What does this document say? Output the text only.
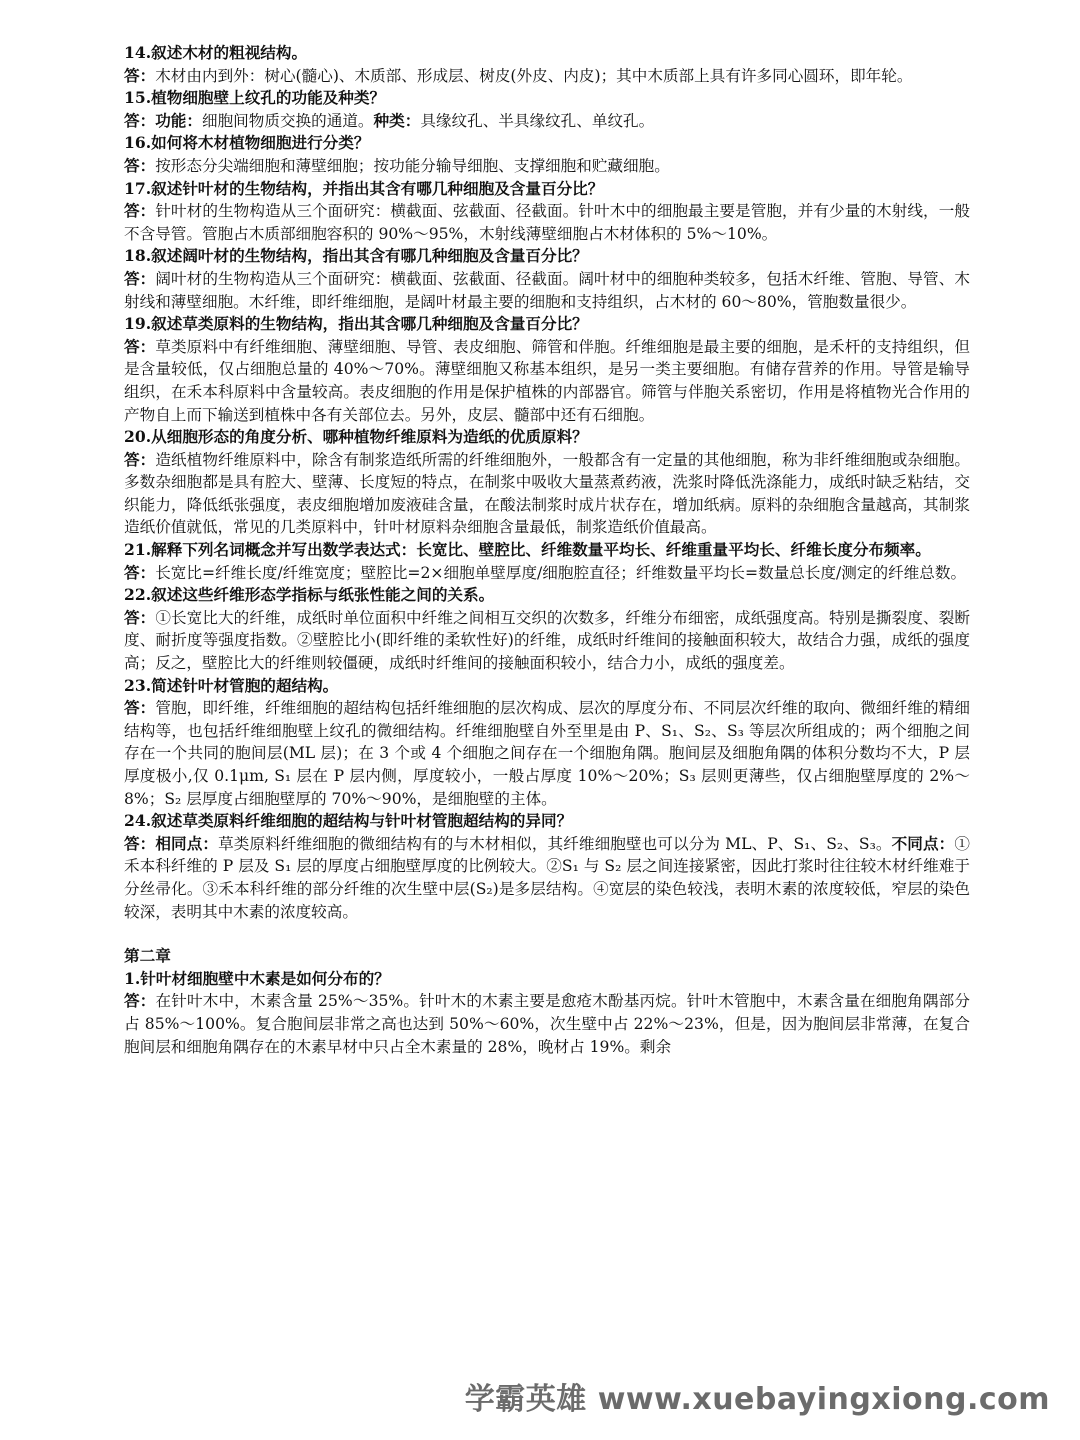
14.叙述木材的粗视结构。
答：木材由内到外：树心(髓心)、木质部、形成层、树皮(外皮、内皮)；其中木质部上具有许多同心圆环，即年轮。
15.植物细胞壁上纹孔的功能及种类？
答：功能：细胞间物质交换的通道。种类：具缘纹孔、半具缘纹孔、单纹孔。
16.如何将木材植物细胞进行分类？
答：按形态分尖端细胞和薄壁细胞；按功能分输导细胞、支撑细胞和贮藏细胞。
17.叙述针叶材的生物结构，并指出其含有哪几种细胞及含量百分比？
答：针叶材的生物构造从三个面研究：横截面、弦截面、径截面。针叶木中的细胞最主要是管胞，并有少量的木射线，一般不含导管。管胞占木质部细胞容积的 90%～95%，木射线薄壁细胞占木材体积的 5%～10%。
18.叙述阔叶材的生物结构，指出其含有哪几种细胞及含量百分比？
答：阔叶材的生物构造从三个面研究：横截面、弦截面、径截面。阔叶材中的细胞种类较多，包括木纤维、管胞、导管、木射线和薄壁细胞。木纤维，即纤维细胞，是阔叶材最主要的细胞和支持组织，占木材的 60～80%，管胞数量很少。
19.叙述草类原料的生物结构，指出其含哪几种细胞及含量百分比？
答：草类原料中有纤维细胞、薄壁细胞、导管、表皮细胞、筛管和伴胞。纤维细胞是最主要的细胞，是禾杆的支持组织，但是含量较低，仅占细胞总量的 40%～70%。薄壁细胞又称基本组织，是另一类主要细胞。有储存营养的作用。导管是输导组织，在禾本科原料中含量较高。表皮细胞的作用是保护植株的内部器官。筛管与伴胞关系密切，作用是将植物光合作用的产物自上而下输送到植株中各有关部位去。另外，皮层、髓部中还有石细胞。
20.从细胞形态的角度分析、哪种植物纤维原料为造纸的优质原料？
答：造纸植物纤维原料中，除含有制浆造纸所需的纤维细胞外，一般都含有一定量的其他细胞，称为非纤维细胞或杂细胞。多数杂细胞都是具有腔大、壁薄、长度短的特点，在制浆中吸收大量蒸煮药液，洗浆时降低洗涤能力，成纸时缺乏粘结，交织能力，降低纸张强度，表皮细胞增加废液硅含量，在酸法制浆时成片状存在，增加纸病。原料的杂细胞含量越高，其制浆造纸价值就低，常见的几类原料中，针叶材原料杂细胞含量最低，制浆造纸价值最高。
21.解释下列名词概念并写出数学表达式：长宽比、壁腔比、纤维数量平均长、纤维重量平均长、纤维长度分布频率。
答：长宽比=纤维长度/纤维宽度；壁腔比=2×细胞单壁厚度/细胞腔直径；纤维数量平均长=数量总长度/测定的纤维总数。
22.叙述这些纤维形态学指标与纸张性能之间的关系。
答：①长宽比大的纤维，成纸时单位面积中纤维之间相互交织的次数多，纤维分布细密，成纸强度高。特别是撕裂度、裂断度、耐折度等强度指数。②壁腔比小(即纤维的柔软性好)的纤维，成纸时纤维间的接触面积较大，故结合力强，成纸的强度高；反之，壁腔比大的纤维则较僵硬，成纸时纤维间的接触面积较小，结合力小，成纸的强度差。
23.简述针叶材管胞的超结构。
答：管胞，即纤维，纤维细胞的超结构包括纤维细胞的层次构成、层次的厚度分布、不同层次纤维的取向、微细纤维的精细结构等，也包括纤维细胞壁上纹孔的微细结构。纤维细胞壁自外至里是由 P、S₁、S₂、S₃ 等层次所组成的；两个细胞之间存在一个共同的胞间层(ML 层)；在 3 个或 4 个细胞之间存在一个细胞角隅。胞间层及细胞角隅的体积分数均不大，P 层厚度极小,仅 0.1μm, S₁ 层在 P 层内侧，厚度较小，一般占厚度 10%～20%；S₃ 层则更薄些，仅占细胞壁厚度的 2%～8%；S₂ 层厚度占细胞壁厚的 70%～90%，是细胞壁的主体。
24.叙述草类原料纤维细胞的超结构与针叶材管胞超结构的异同？
答：相同点：草类原料纤维细胞的微细结构有的与木材相似，其纤维细胞壁也可以分为 ML、P、S₁、S₂、S₃。不同点：①禾本科纤维的 P 层及 S₁ 层的厚度占细胞壁厚度的比例较大。②S₁ 与 S₂ 层之间连接紧密，因此打浆时往往较木材纤维难于分丝帚化。③禾本科纤维的部分纤维的次生壁中层(S₂)是多层结构。④宽层的染色较浅，表明木素的浓度较低，窄层的染色较深，表明其中木素的浓度较高。
第二章
1.针叶材细胞壁中木素是如何分布的？
答：在针叶木中，木素含量 25%～35%。针叶木的木素主要是愈疮木酚基丙烷。针叶木管胞中，木素含量在细胞角隅部分占 85%～100%。复合胞间层非常之高也达到 50%～60%，次生壁中占 22%～23%，但是，因为胞间层非常薄，在复合胞间层和细胞角隅存在的木素早材中只占全木素量的 28%，晚材占 19%。剩余
学霸英雄 www.xuebayingxiong.com
